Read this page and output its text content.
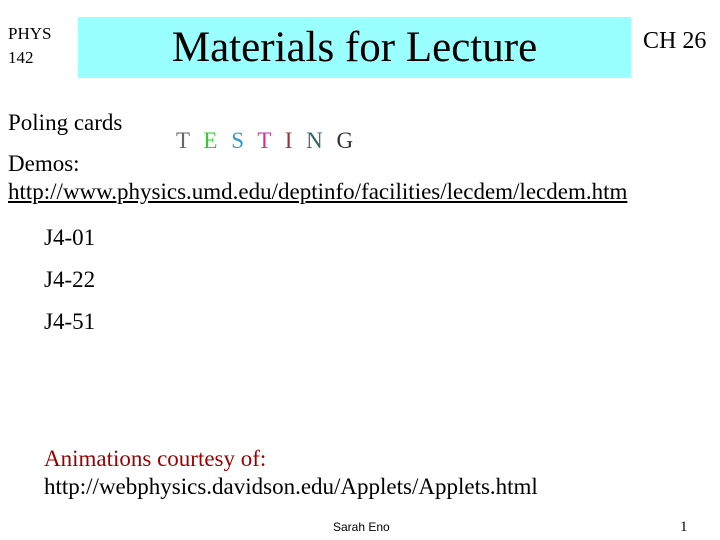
PHYS
142	Materials for Lecture	CH 26
Poling cards
T E S T I N G
Demos:
http://www.physics.umd.edu/deptinfo/facilities/lecdem/lecdem.htm
J4-01
J4-22
J4-51
Animations courtesy of:
http://webphysics.davidson.edu/Applets/Applets.html
Sarah Eno	1
